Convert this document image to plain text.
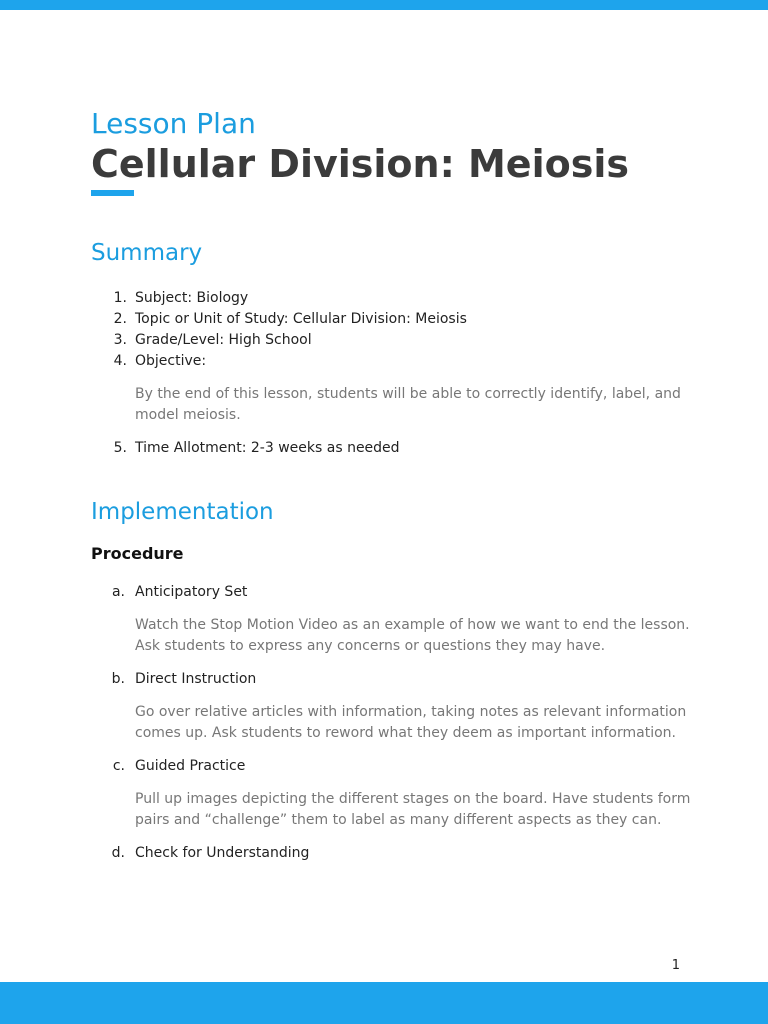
Lesson Plan
Cellular Division: Meiosis
Summary
1. Subject: Biology
2. Topic or Unit of Study: Cellular Division: Meiosis
3. Grade/Level: High School
4. Objective:

By the end of this lesson, students will be able to correctly identify, label, and model meiosis.

5. Time Allotment: 2-3 weeks as needed
Implementation
Procedure
a. Anticipatory Set

Watch the Stop Motion Video as an example of how we want to end the lesson. Ask students to express any concerns or questions they may have.

b. Direct Instruction

Go over relative articles with information, taking notes as relevant information comes up. Ask students to reword what they deem as important information.

c. Guided Practice

Pull up images depicting the different stages on the board. Have students form pairs and “challenge” them to label as many different aspects as they can.

d. Check for Understanding
1
